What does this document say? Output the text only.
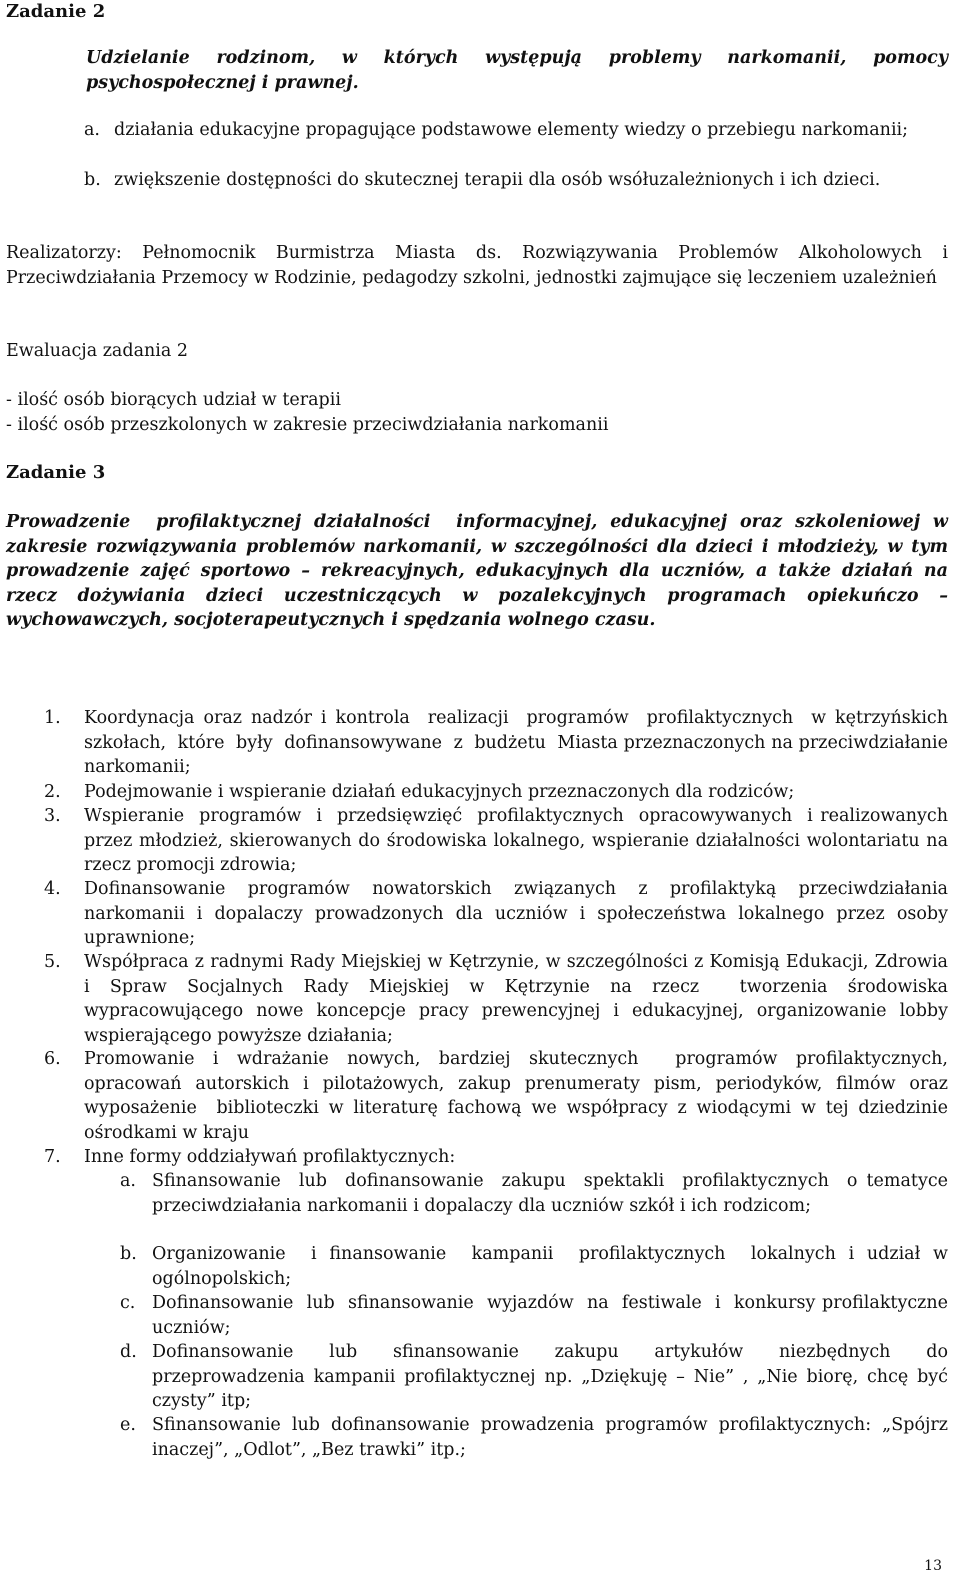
Zadanie 2
Udzielanie rodzinom, w których występują problemy narkomanii, pomocy psychospołecznej i prawnej.
a. działania edukacyjne propagujące podstawowe elementy wiedzy o przebiegu narkomanii;
b. zwiększenie dostępności do skutecznej terapii dla osób wsółuzależnionych i ich dzieci.
Realizatorzy: Pełnomocnik Burmistrza Miasta ds. Rozwiązywania Problemów Alkoholowych i Przeciwdziałania Przemocy w Rodzinie, pedagodzy szkolni, jednostki zajmujące się leczeniem uzależnień
Ewaluacja zadania 2
- ilość osób biorących udział w terapii
- ilość osób przeszkolonych w zakresie przeciwdziałania narkomanii
Zadanie 3
Prowadzenie  profilaktycznej działalności  informacyjnej, edukacyjnej oraz szkoleniowej w zakresie rozwiązywania problemów narkomanii, w szczególności dla dzieci i młodzieży, w tym prowadzenie zajęć sportowo – rekreacyjnych, edukacyjnych dla uczniów, a także działań na rzecz dożywiania dzieci uczestniczących w pozalekcyjnych programach opiekuńczo – wychowawczych, socjoterapeutycznych i spędzania wolnego czasu.
1.	Koordynacja oraz nadzór i kontrola  realizacji  programów  profilaktycznych  w kętrzyńskich  szkołach,  które  były  dofinansowywane  z  budżetu  Miasta przeznaczonych na przeciwdziałanie narkomanii;
2.	Podejmowanie i wspieranie działań edukacyjnych przeznaczonych dla rodziców;
3.	Wspieranie  programów  i  przedsięwzięć  profilaktycznych  opracowywanych  i realizowanych przez młodzież, skierowanych do środowiska lokalnego, wspieranie działalności wolontariatu na rzecz promocji zdrowia;
4.	Dofinansowanie programów nowatorskich związanych z profilaktyką przeciwdziałania narkomanii i dopalaczy prowadzonych dla uczniów i społeczeństwa lokalnego przez osoby uprawnione;
5.	Współpraca z radnymi Rady Miejskiej w Kętrzynie, w szczególności z Komisją Edukacji, Zdrowia i Spraw Socjalnych Rady Miejskiej w Kętrzynie na rzecz  tworzenia środowiska wypracowującego nowe koncepcje pracy prewencyjnej i edukacyjnej, organizowanie lobby wspierającego powyższe działania;
6.	Promowanie i wdrażanie nowych, bardziej skutecznych  programów profilaktycznych, opracowań autorskich i pilotażowych, zakup prenumeraty pism, periodyków, filmów oraz wyposażenie  biblioteczki w literaturę fachową we współpracy z wiodącymi w tej dziedzinie ośrodkami w kraju
7.	Inne formy oddziaływań profilaktycznych:
a. Sfinansowanie  lub  dofinansowanie  zakupu  spektakli  profilaktycznych  o tematyce przeciwdziałania narkomanii i dopalaczy dla uczniów szkół i ich rodzicom;
b. Organizowanie  i finansowanie  kampanii  profilaktycznych  lokalnych i udział w ogólnopolskich;
c. Dofinansowanie  lub  sfinansowanie  wyjazdów  na  festiwale  i  konkursy profilaktyczne uczniów;
d. Dofinansowanie  lub  sfinansowanie  zakupu  artykułów  niezbędnych  do przeprowadzenia kampanii profilaktycznej np. „Dziękuję – Nie” , „Nie biorę, chcę być czysty” itp;
e. Sfinansowanie lub dofinansowanie prowadzenia programów profilaktycznych: „Spójrz inaczej”, „Odlot”, „Bez trawki” itp.;
13
